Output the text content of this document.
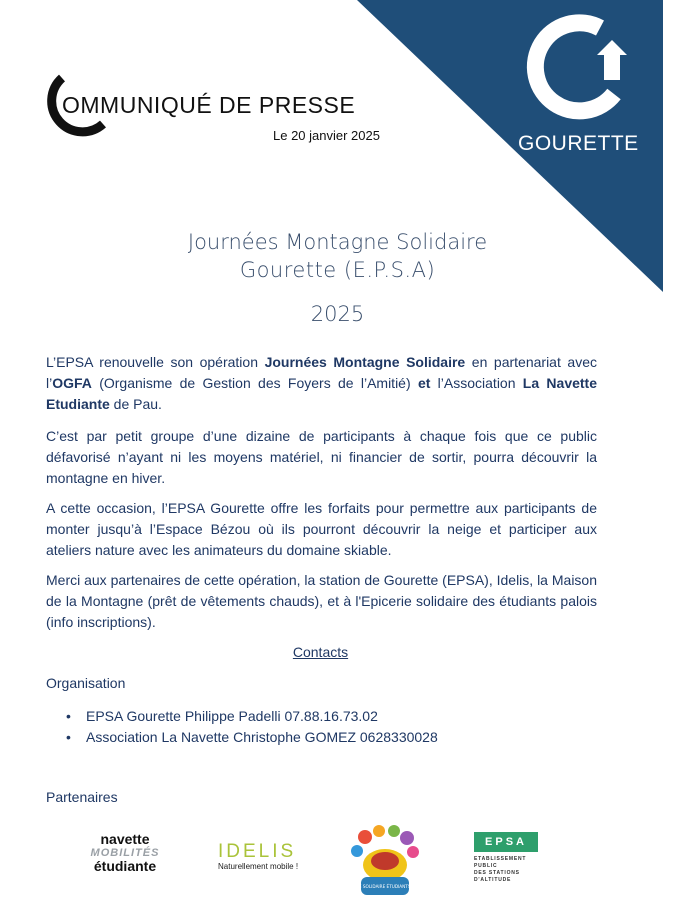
GOURETTE
OMMUNIQUÉ DE PRESSE
Le 20 janvier 2025
Journées Montagne Solidaire
Gourette (E.P.S.A)
2025

L’EPSA renouvelle son opération Journées Montagne Solidaire en partenariat avec l’OGFA (Organisme de Gestion des Foyers de l’Amitié) et l’Association La Navette Etudiante de Pau.

C’est par petit groupe d’une dizaine de participants à chaque fois que ce public défavorisé n’ayant ni les moyens matériel, ni financier de sortir, pourra découvrir la montagne en hiver.

A cette occasion, l’EPSA Gourette offre les forfaits pour permettre aux participants de monter jusqu’à l’Espace Bézou où ils pourront découvrir la neige et participer aux ateliers nature avec les animateurs du domaine skiable.

Merci aux partenaires de cette opération, la station de Gourette (EPSA), Idelis, la Maison de la Montagne (prêt de vêtements chauds), et à l'Epicerie solidaire des étudiants palois (info inscriptions).

Contacts
Organisation
• EPSA Gourette Philippe Padelli 07.88.16.73.02
• Association La Navette Christophe GOMEZ 0628330028
Partenaires
navette
MOBILITÉS
étudiante
IDELIS
Naturellement mobile !
EPICERIE SOLIDAIRE ÉTUDIANTS DE PAU
EPSA
ETABLISSEMENT
PUBLIC
DES STATIONS
D'ALTITUDE
